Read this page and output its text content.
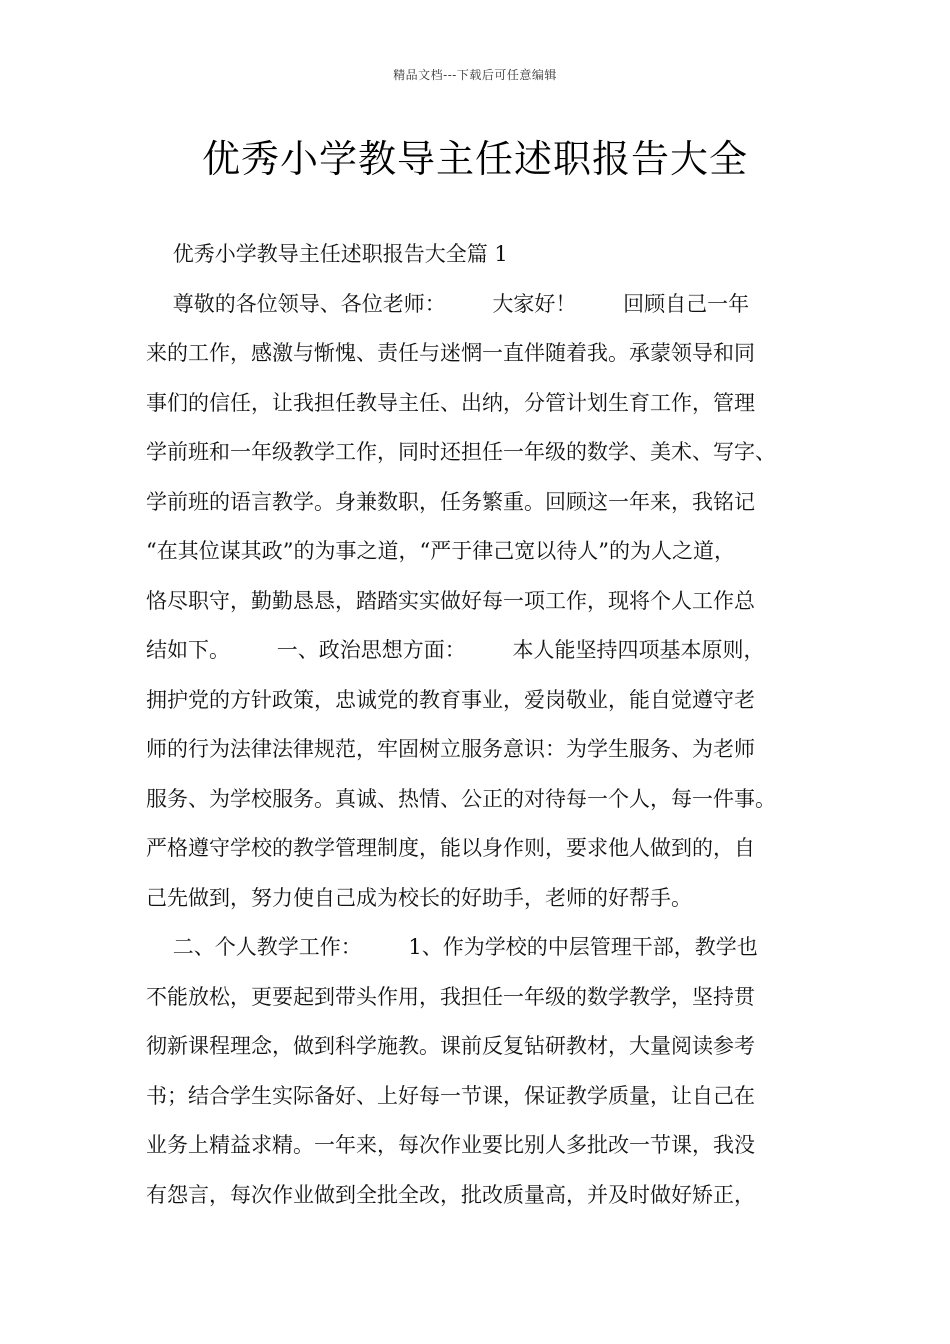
精品文档---下载后可任意编辑
优秀小学教导主任述职报告大全
优秀小学教导主任述职报告大全篇 1
尊敬的各位领导、各位老师：       大家好！       回顾自己一年
来的工作，感激与惭愧、责任与迷惘一直伴随着我。承蒙领导和同
事们的信任，让我担任教导主任、出纳，分管计划生育工作，管理
学前班和一年级教学工作，同时还担任一年级的数学、美术、写字、
学前班的语言教学。身兼数职，任务繁重。回顾这一年来，我铭记
“在其位谋其政”的为事之道，“严于律己宽以待人”的为人之道，
恪尽职守，勤勤恳恳，踏踏实实做好每一项工作，现将个人工作总
结如下。       一、政治思想方面：       本人能坚持四项基本原则，
拥护党的方针政策，忠诚党的教育事业，爱岗敬业，能自觉遵守老
师的行为法律法律规范，牢固树立服务意识：为学生服务、为老师
服务、为学校服务。真诚、热情、公正的对待每一个人，每一件事。
严格遵守学校的教学管理制度，能以身作则，要求他人做到的，自
己先做到，努力使自己成为校长的好助手，老师的好帮手。
二、个人教学工作：       1、作为学校的中层管理干部，教学也
不能放松，更要起到带头作用，我担任一年级的数学教学，坚持贯
彻新课程理念，做到科学施教。课前反复钻研教材，大量阅读参考
书；结合学生实际备好、上好每一节课，保证教学质量，让自己在
业务上精益求精。一年来，每次作业要比别人多批改一节课，我没
有怨言，每次作业做到全批全改，批改质量高，并及时做好矫正，
